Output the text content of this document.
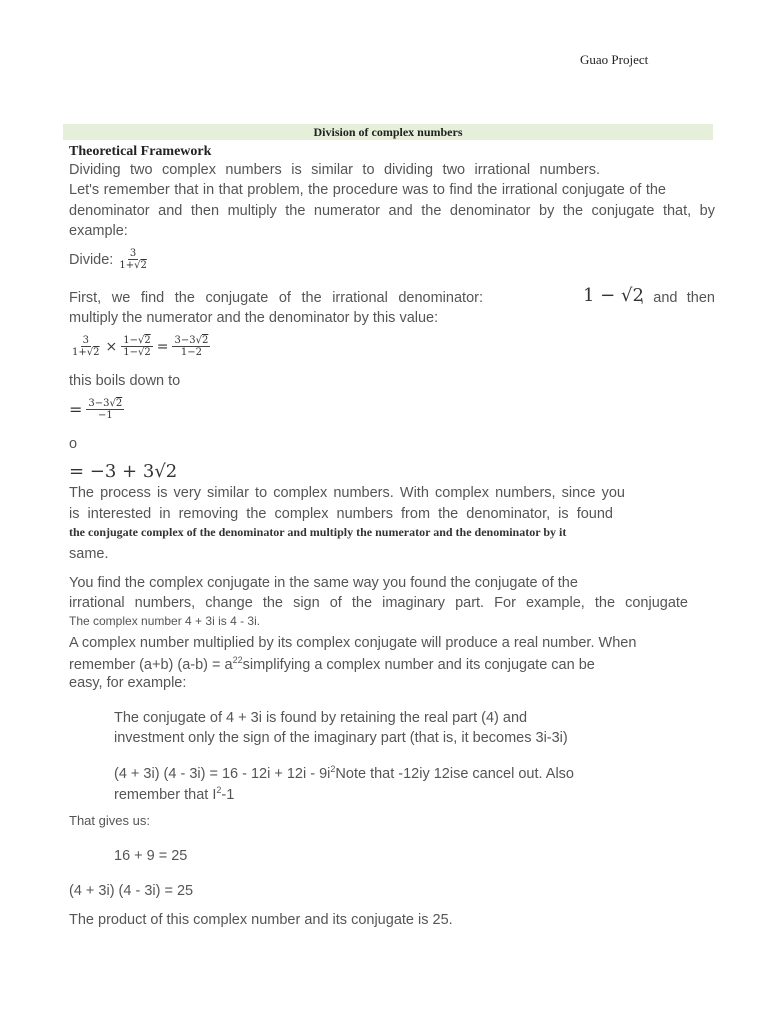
Guao Project

Division of complex numbers

Theoretical Framework

Dividing two complex numbers is similar to dividing two irrational numbers.

Let's remember that in that problem, the procedure was to find the irrational conjugate of the

denominator and then multiply the numerator and the denominator by the conjugate that, by

example:

Divide: $\frac{3}{1+√2}$

First, we find the conjugate of the irrational denominator:	1 − √2

, and then

multiply the numerator and the denominator by this value:

$\frac{3}{1+√2} \times \frac{1-√2}{1-√2} = \frac{3-3√2}{1-2}$

this boils down to

= $\frac{3-3√2}{-1}$

o

= −3 + 3√2

The process is very similar to complex numbers. With complex numbers, since you

is interested in removing the complex numbers from the denominator, is found

the conjugate complex of the denominator and multiply the numerator and the denominator by it

same.

You find the complex conjugate in the same way you found the conjugate of the

irrational numbers, change the sign of the imaginary part. For example, the conjugate

The complex number 4 + 3i is 4 - 3i.

A complex number multiplied by its complex conjugate will produce a real number. When

remember (a+b) $(a-b) = a^{22}simplifying$ a complex number and its conjugate can be

easy, for example:

The conjugate of 4 + 3i is found by retaining the real part (4) and

investment only the sign of the imaginary part (that is, it becomes 3i-3i)

(4 + 3i) $(4 - 3i) = 16 - 12i + 12i - 9i^2Note$ that -12iy 12ise cancel out. Also

remember that $I^2-1$

That gives us:

16 + 9 = 25

(4 + 3i) (4 - 3i) = 25

The product of this complex number and its conjugate is 25.
